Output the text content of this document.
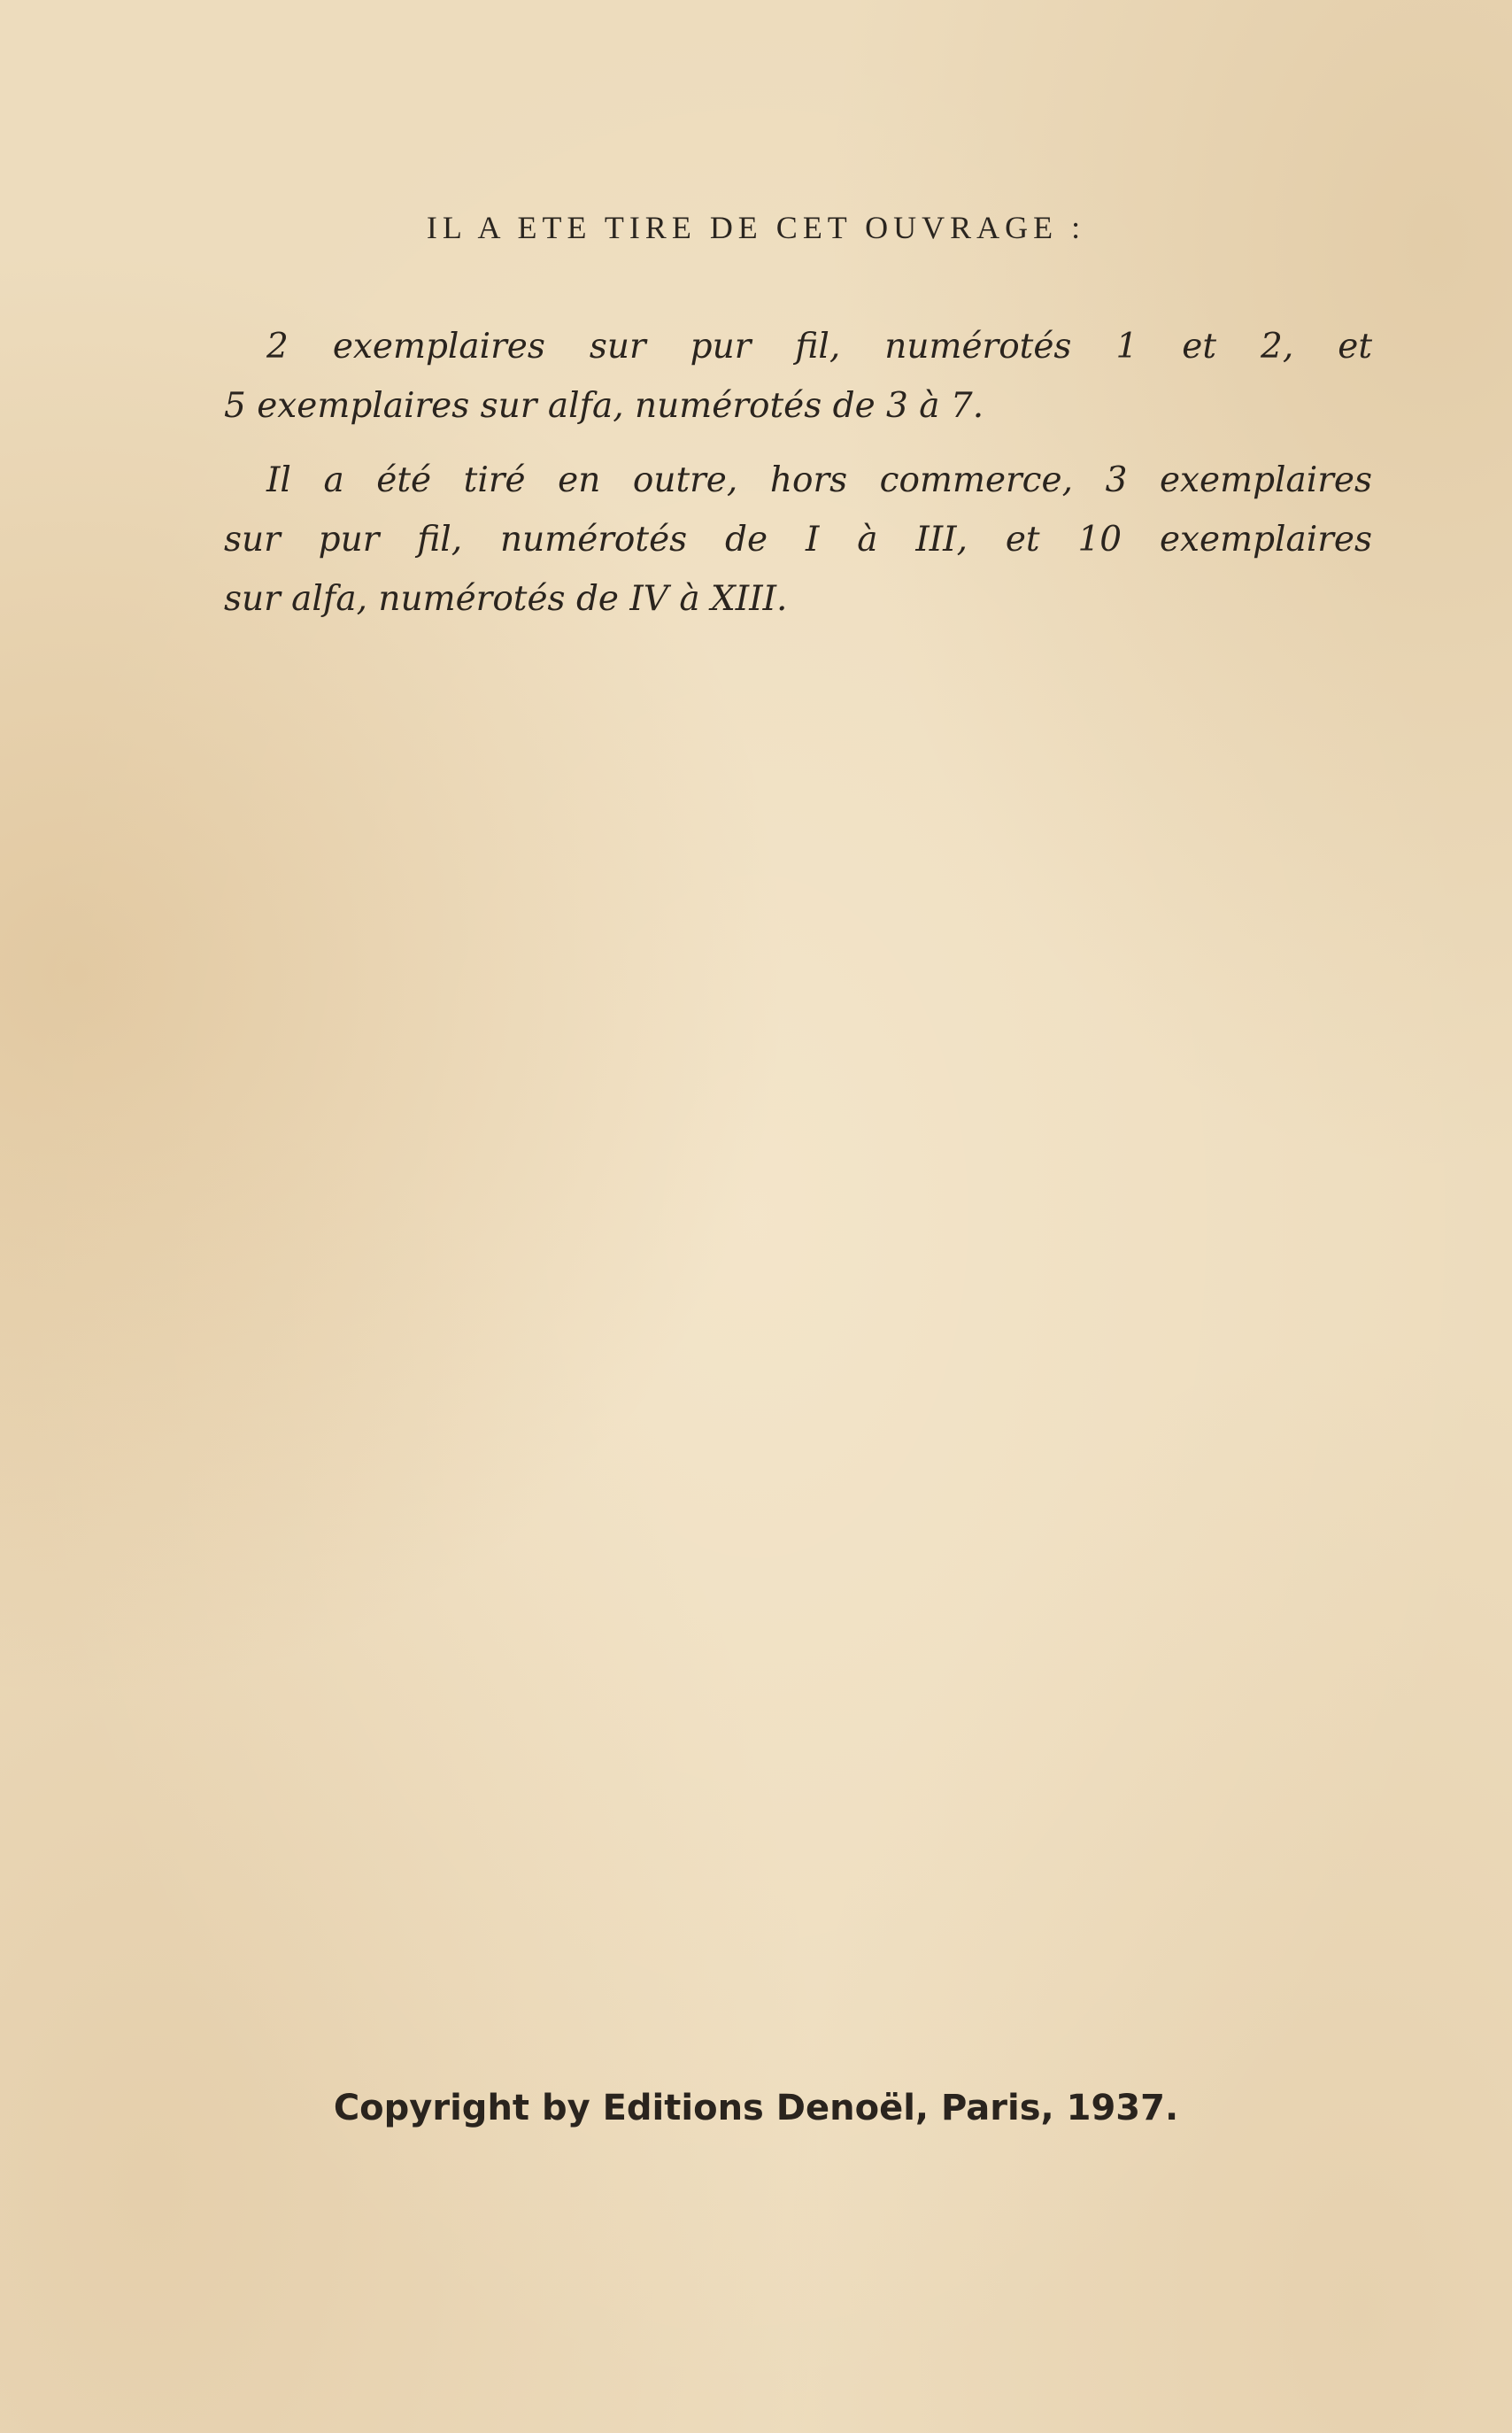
IL A ETE TIRE DE CET OUVRAGE :

2 exemplaires sur pur fil, numérotés 1 et 2, et
5 exemplaires sur alfa, numérotés de 3 à 7.

Il a été tiré en outre, hors commerce, 3 exemplaires
sur pur fil, numérotés de I à III, et 10 exemplaires
sur alfa, numérotés de IV à XIII.

Copyright by Editions Denoël, Paris, 1937.
